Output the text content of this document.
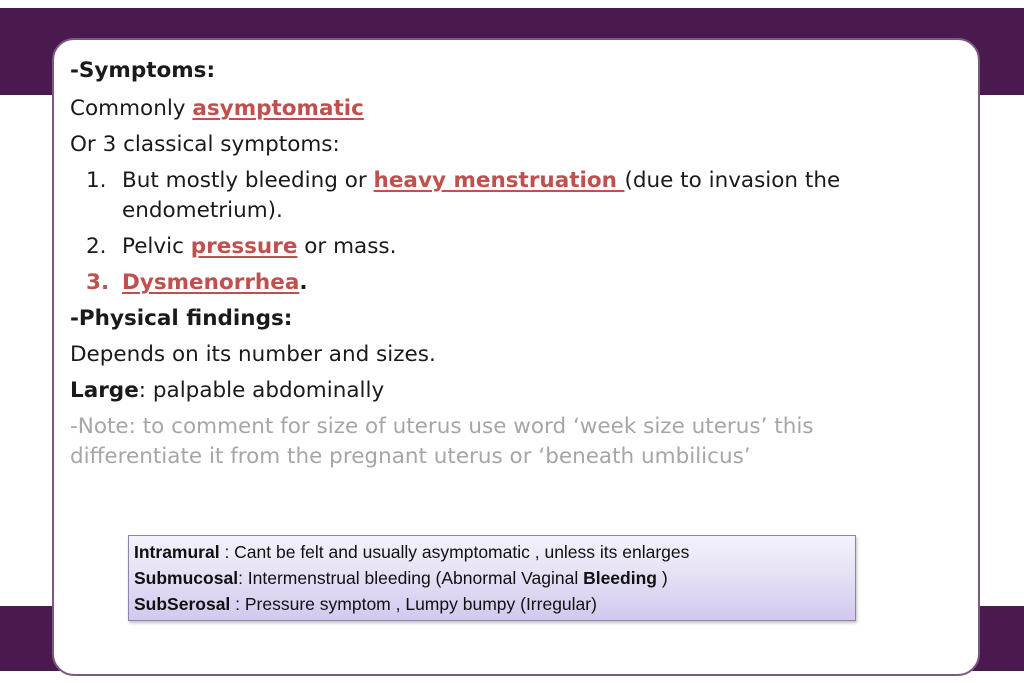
-Symptoms:
Commonly asymptomatic
Or 3 classical symptoms:
1. But mostly bleeding or heavy menstruation (due to invasion the
endometrium).
2. Pelvic pressure or mass.
3. Dysmenorrhea.
-Physical findings:
Depends on its number and sizes.
Large: palpable abdominally
-Note: to comment for size of uterus use word ‘week size uterus’ this
differentiate it from the pregnant uterus or ‘beneath umbilicus’
Intramural : Cant be felt and usually asymptomatic , unless its enlarges
Submucosal: Intermenstrual bleeding (Abnormal Vaginal Bleeding )
SubSerosal : Pressure symptom , Lumpy bumpy (Irregular)
